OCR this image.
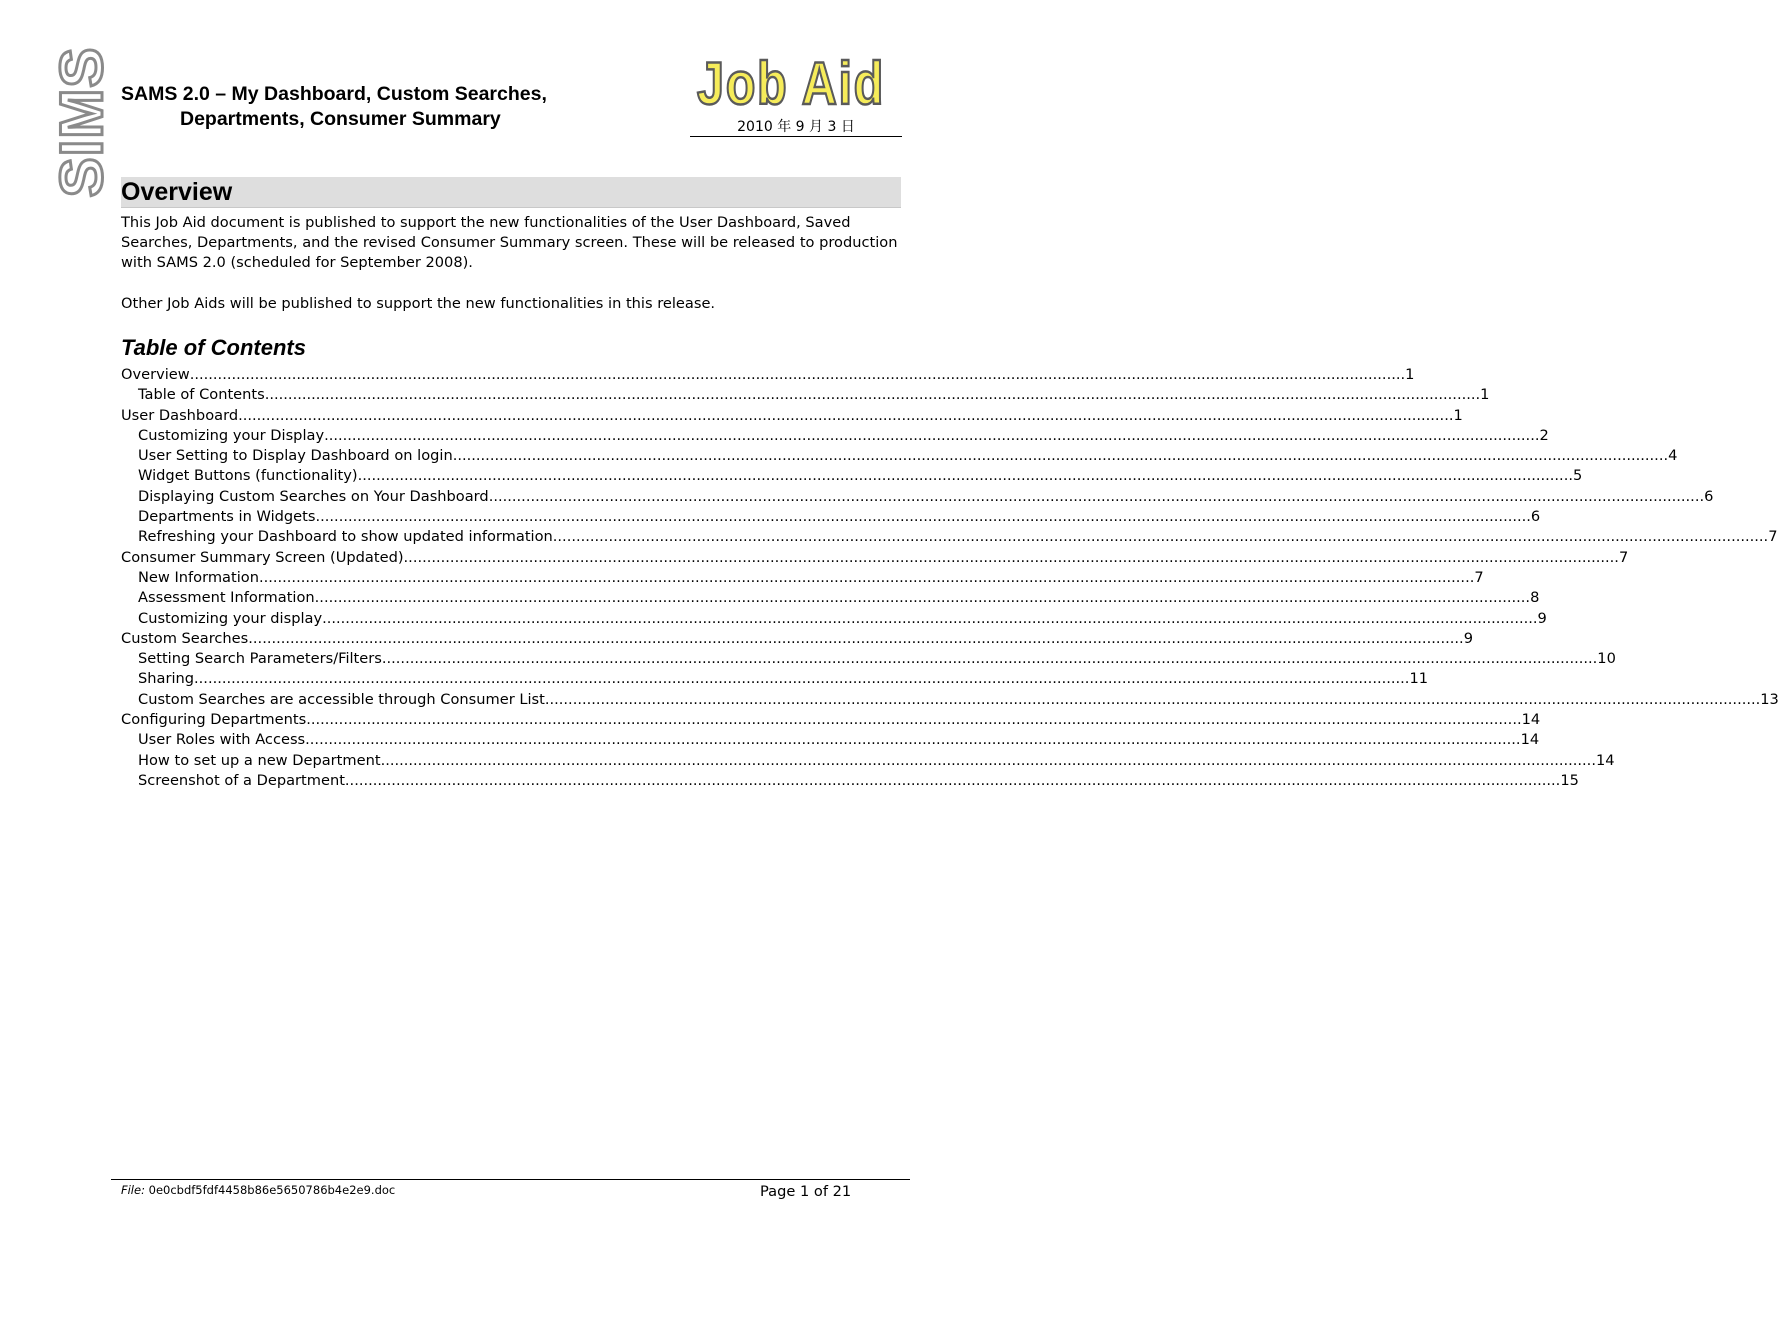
SIMS SAMS 2.0 – My Dashboard, Custom Searches,
Departments, Consumer Summary
Job Aid
2010 年 9 月 3 日
Overview
This Job Aid document is published to support the new functionalities of the User Dashboard, Saved Searches, Departments, and the revised Consumer Summary screen. These will be released to production with SAMS 2.0 (scheduled for September 2008).
Other Job Aids will be published to support the new functionalities in this release.
Table of Contents
Overview .....	1
Table of Contents .....	1
User Dashboard .....	1
Customizing your Display .....	2
User Setting to Display Dashboard on login .....	4
Widget Buttons (functionality) .....	5
Displaying Custom Searches on Your Dashboard .....	6
Departments in Widgets .....	6
Refreshing your Dashboard to show updated information .....	7
Consumer Summary Screen (Updated) .....	7
New Information .....	7
Assessment Information .....	8
Customizing your display .....	9
Custom Searches .....	9
Setting Search Parameters/Filters .....	10
Sharing .....	11
Custom Searches are accessible through Consumer List .....	13
Configuring Departments .....	14
User Roles with Access .....	14
How to set up a new Department .....	14
Screenshot of a Department .....	15
File: 0e0cbdf5fdf4458b86e5650786b4e2e9.doc	Page 1 of 21
